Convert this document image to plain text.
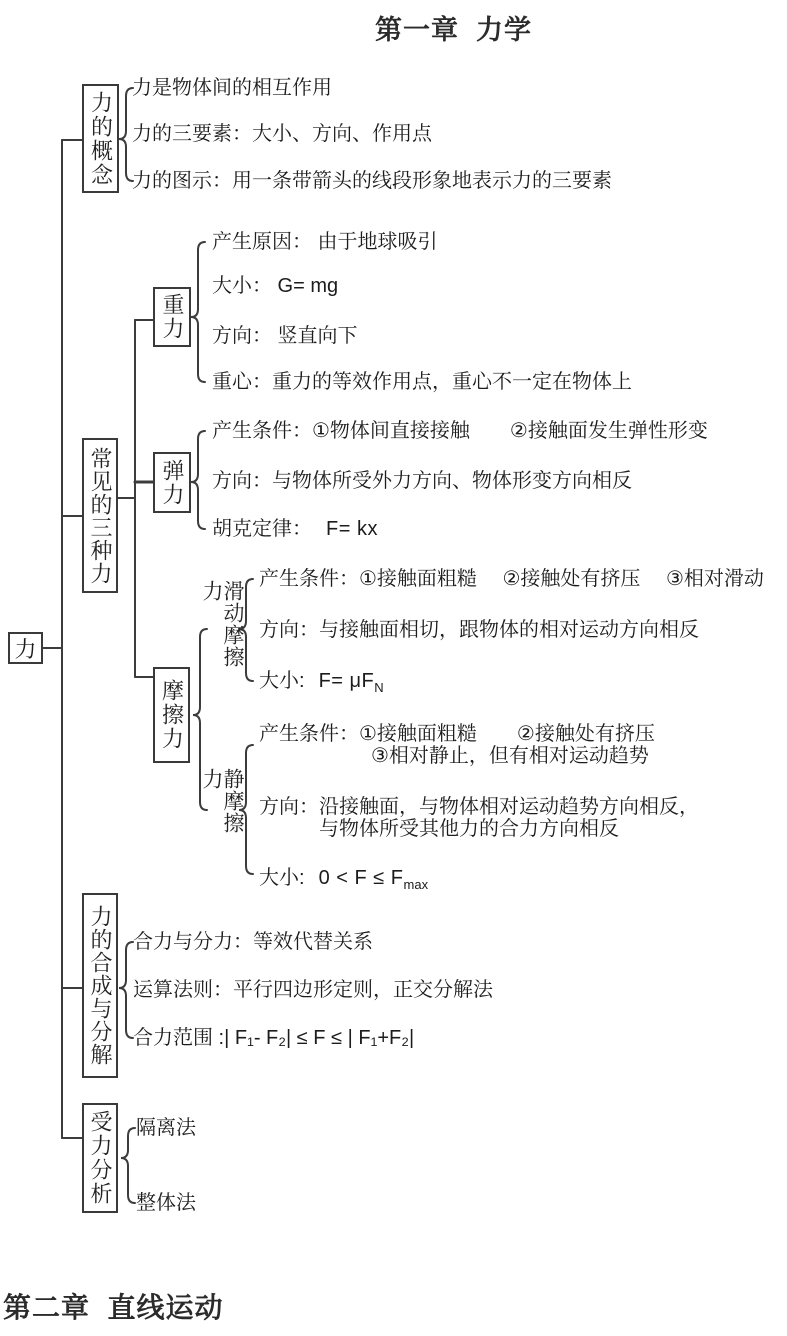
第一章  力学
第二章  直线运动
力
力的概念
常见的三种力
重力
弹力
摩擦力
力的合成与分解
受力分析
滑动摩擦力
静摩擦力
力是物体间的相互作用
力的三要素：大小、方向、作用点
力的图示：用一条带箭头的线段形象地表示力的三要素
产生原因： 由于地球吸引
大小： G= mg
方向： 竖直向下
重心：重力的等效作用点，重心不一定在物体上
产生条件：①物体间直接接触　　②接触面发生弹性形变
方向：与物体所受外力方向、物体形变方向相反
胡克定律： F= kx
产生条件：①接触面粗糙　 ②接触处有挤压　 ③相对滑动
方向：与接触面相切，跟物体的相对运动方向相反
大小: $F= \mu F_N$
产生条件：①接触面粗糙　　②接触处有挤压
③相对静止，但有相对运动趋势
方向：沿接触面，与物体相对运动趋势方向相反，
与物体所受其他力的合力方向相反
大小: $0 < F \le F_{max}$
合力与分力：等效代替关系
运算法则：平行四边形定则，正交分解法
合力范围 :| F₁- F₂| ≤ F ≤ | F₁+F₂|
隔离法
整体法
